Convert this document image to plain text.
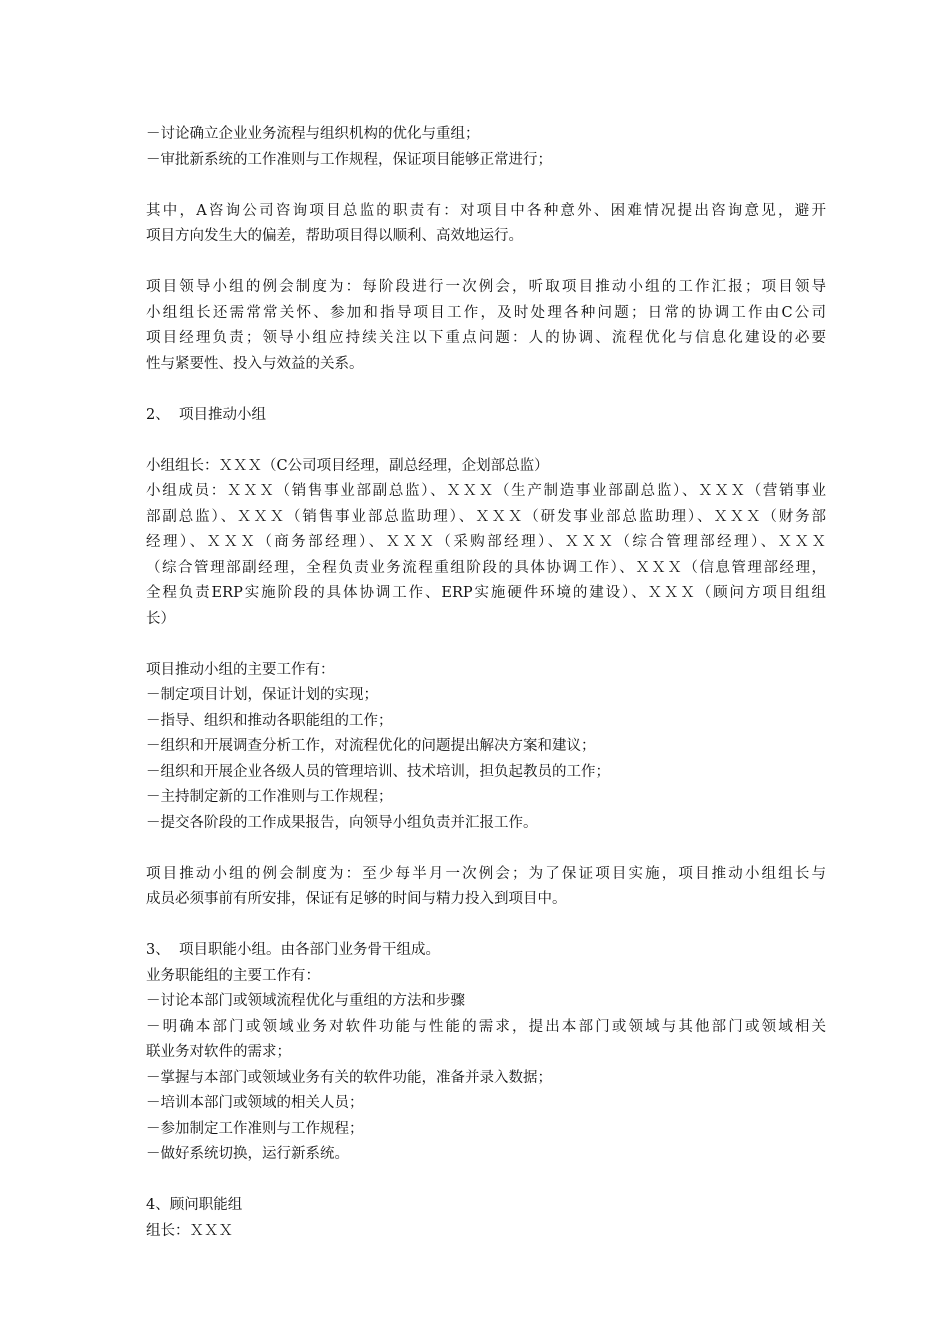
－讨论确立企业业务流程与组织机构的优化与重组；
－审批新系统的工作准则与工作规程，保证项目能够正常进行；
其中，A咨询公司咨询项目总监的职责有：对项目中各种意外、困难情况提出咨询意见，避开
项目方向发生大的偏差，帮助项目得以顺利、高效地运行。
项目领导小组的例会制度为：每阶段进行一次例会，听取项目推动小组的工作汇报；项目领导
小组组长还需常常关怀、参加和指导项目工作，及时处理各种问题；日常的协调工作由C公司
项目经理负责；领导小组应持续关注以下重点问题：人的协调、流程优化与信息化建设的必要
性与紧要性、投入与效益的关系。
2、  项目推动小组
小组组长：ＸＸＸ（C公司项目经理，副总经理，企划部总监）
小组成员：ＸＸＸ（销售事业部副总监）、ＸＸＸ（生产制造事业部副总监）、ＸＸＸ（营销事业
部副总监）、ＸＸＸ（销售事业部总监助理）、ＸＸＸ（研发事业部总监助理）、ＸＸＸ（财务部
经理）、ＸＸＸ（商务部经理）、ＸＸＸ（采购部经理）、ＸＸＸ（综合管理部经理）、ＸＸＸ
（综合管理部副经理，全程负责业务流程重组阶段的具体协调工作）、ＸＸＸ（信息管理部经理，
全程负责ERP实施阶段的具体协调工作、ERP实施硬件环境的建设）、ＸＸＸ（顾问方项目组组
长）
项目推动小组的主要工作有：
－制定项目计划，保证计划的实现；
－指导、组织和推动各职能组的工作；
－组织和开展调查分析工作，对流程优化的问题提出解决方案和建议；
－组织和开展企业各级人员的管理培训、技术培训，担负起教员的工作；
－主持制定新的工作准则与工作规程；
－提交各阶段的工作成果报告，向领导小组负责并汇报工作。
项目推动小组的例会制度为：至少每半月一次例会；为了保证项目实施，项目推动小组组长与
成员必须事前有所安排，保证有足够的时间与精力投入到项目中。
3、  项目职能小组。由各部门业务骨干组成。
业务职能组的主要工作有：
－讨论本部门或领域流程优化与重组的方法和步骤
－明确本部门或领域业务对软件功能与性能的需求，提出本部门或领域与其他部门或领域相关
联业务对软件的需求；
－掌握与本部门或领域业务有关的软件功能，准备并录入数据；
－培训本部门或领域的相关人员；
－参加制定工作准则与工作规程；
－做好系统切换，运行新系统。
4、顾问职能组
组长：ＸＸＸ
